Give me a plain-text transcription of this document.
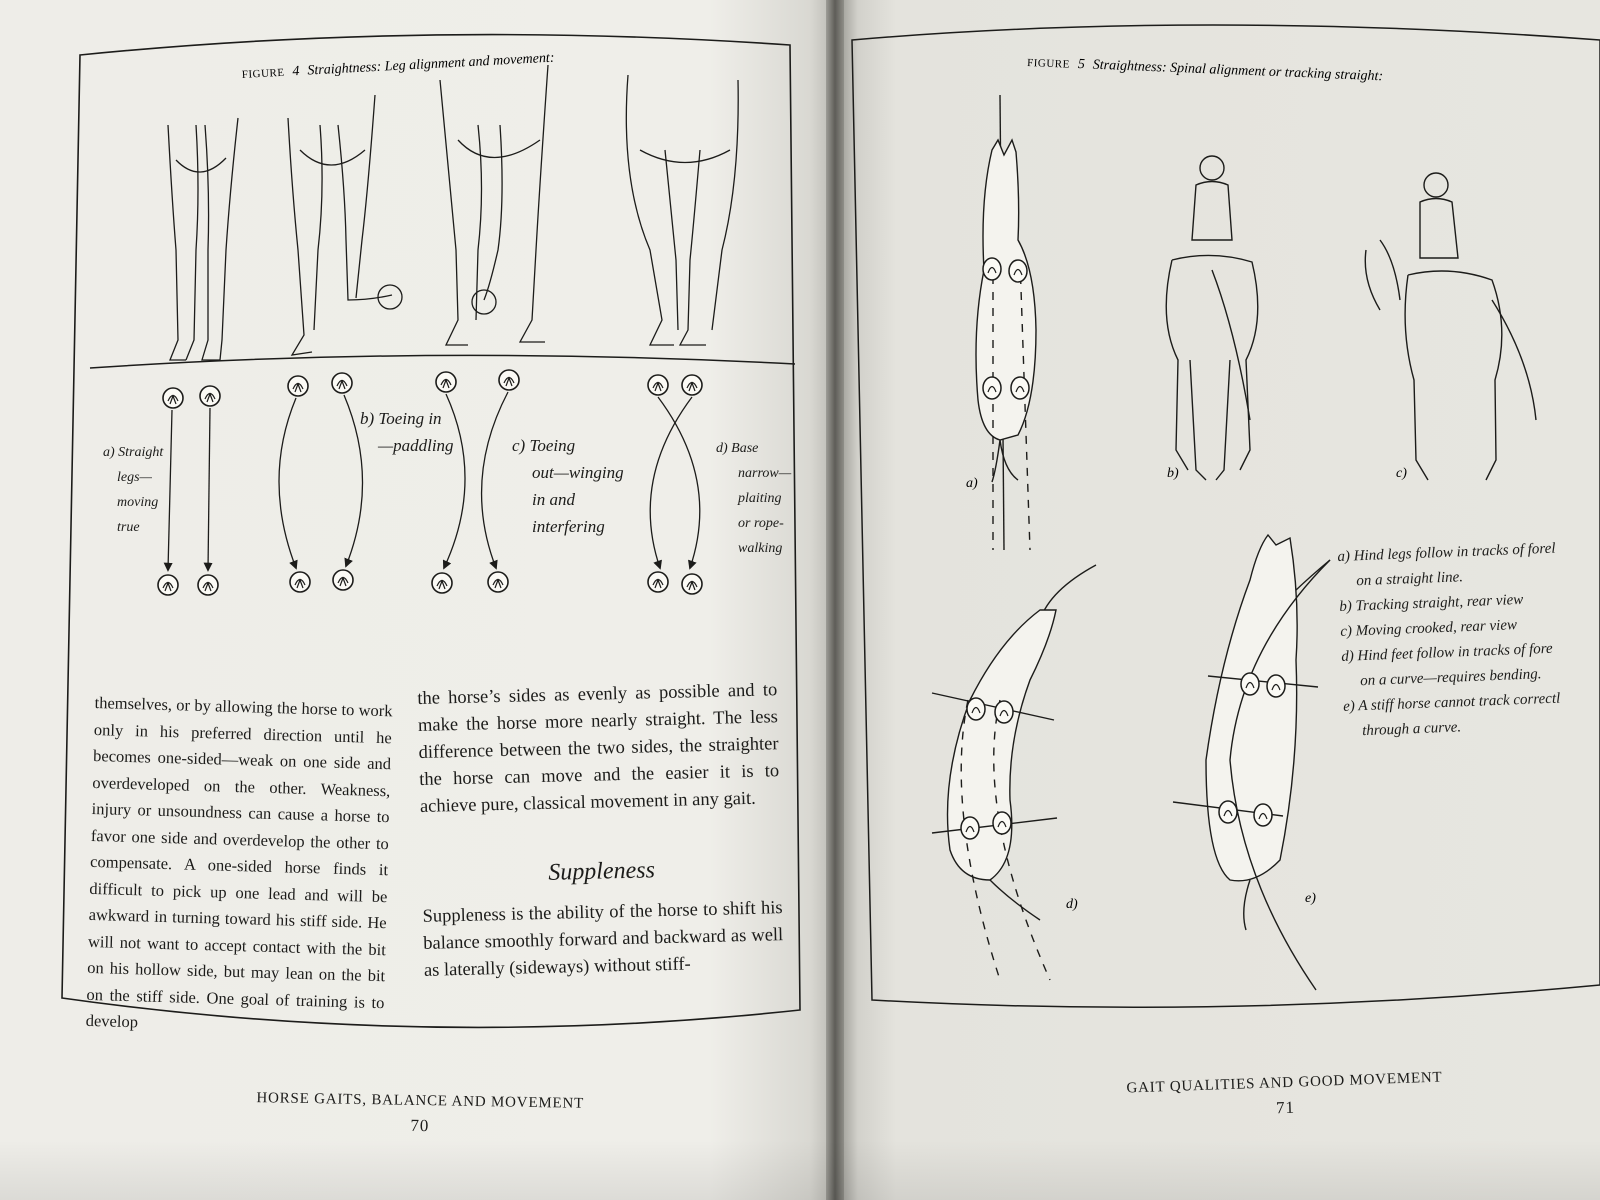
FIGURE 4 Straightness: Leg alignment and movement:	FIGURE 5 Straightness: Spinal alignment or tracking straight:
a)
b)	c)
d)	e)
a) Straight
legs—
moving
true
b) Toeing in
—paddling	c) Toeing
out—winging
in and
interfering
d) Base
narrow—
plaiting
or rope-
walking

themselves, or by allowing the horse to work only in his preferred direction until he becomes one-sided—weak on one side and overdeveloped on the other. Weakness, injury or unsoundness can cause a horse to favor one side and overdevelop the other to compensate. A one-sided horse finds it difficult to pick up one lead and will be awkward in turning toward his stiff side. He will not want to accept contact with the bit on his hollow side, but may lean on the bit on the stiff side. One goal of training is to develop

the horse’s sides as evenly as possible and to make the horse more nearly straight. The less difference between the two sides, the straighter the horse can move and the easier it is to achieve pure, classical movement in any gait.

Suppleness

Suppleness is the ability of the horse to shift his balance smoothly forward and backward as well as laterally (sideways) without stiff-

a) Hind legs follow in tracks of forel
on a straight line.
b) Tracking straight, rear view
c) Moving crooked, rear view
d) Hind feet follow in tracks of fore
on a curve—requires bending.
e) A stiff horse cannot track correctl
through a curve.
HORSE GAITS, BALANCE AND MOVEMENT
70
GAIT QUALITIES AND GOOD MOVEMENT
71
